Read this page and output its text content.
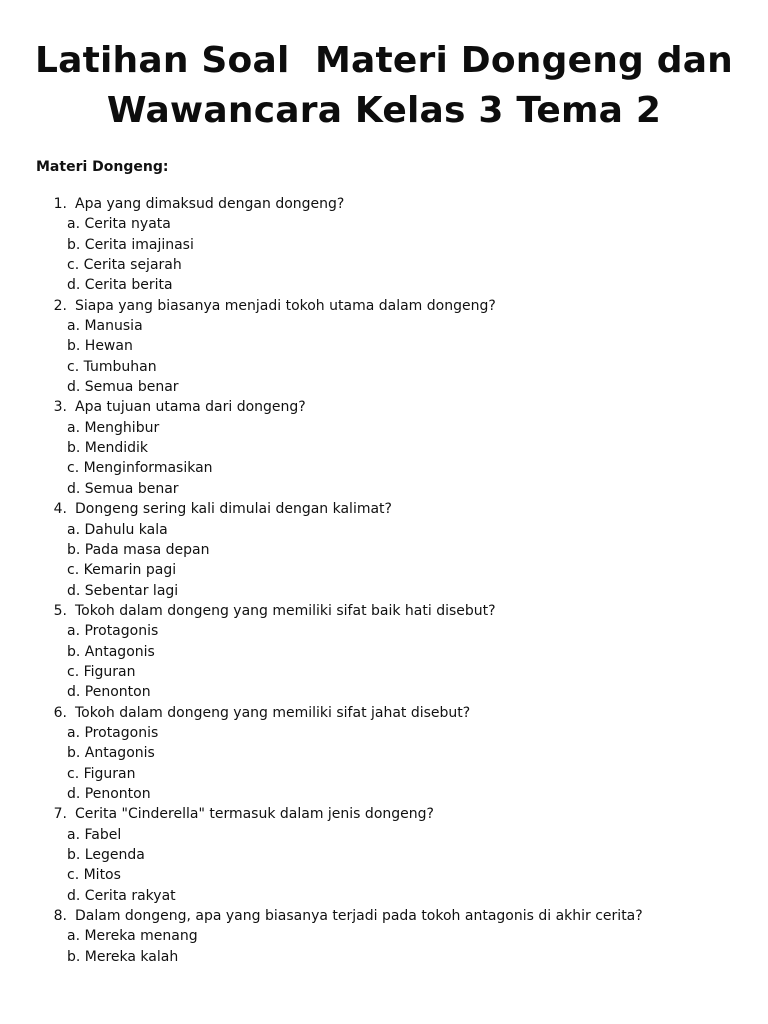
Latihan Soal  Materi Dongeng dan
Wawancara Kelas 3 Tema 2

Materi Dongeng:

1. Apa yang dimaksud dengan dongeng?
a. Cerita nyata
b. Cerita imajinasi
c. Cerita sejarah
d. Cerita berita
2. Siapa yang biasanya menjadi tokoh utama dalam dongeng?
a. Manusia
b. Hewan
c. Tumbuhan
d. Semua benar
3. Apa tujuan utama dari dongeng?
a. Menghibur
b. Mendidik
c. Menginformasikan
d. Semua benar
4. Dongeng sering kali dimulai dengan kalimat?
a. Dahulu kala
b. Pada masa depan
c. Kemarin pagi
d. Sebentar lagi
5. Tokoh dalam dongeng yang memiliki sifat baik hati disebut?
a. Protagonis
b. Antagonis
c. Figuran
d. Penonton
6. Tokoh dalam dongeng yang memiliki sifat jahat disebut?
a. Protagonis
b. Antagonis
c. Figuran
d. Penonton
7. Cerita "Cinderella" termasuk dalam jenis dongeng?
a. Fabel
b. Legenda
c. Mitos
d. Cerita rakyat
8. Dalam dongeng, apa yang biasanya terjadi pada tokoh antagonis di akhir cerita?
a. Mereka menang
b. Mereka kalah
